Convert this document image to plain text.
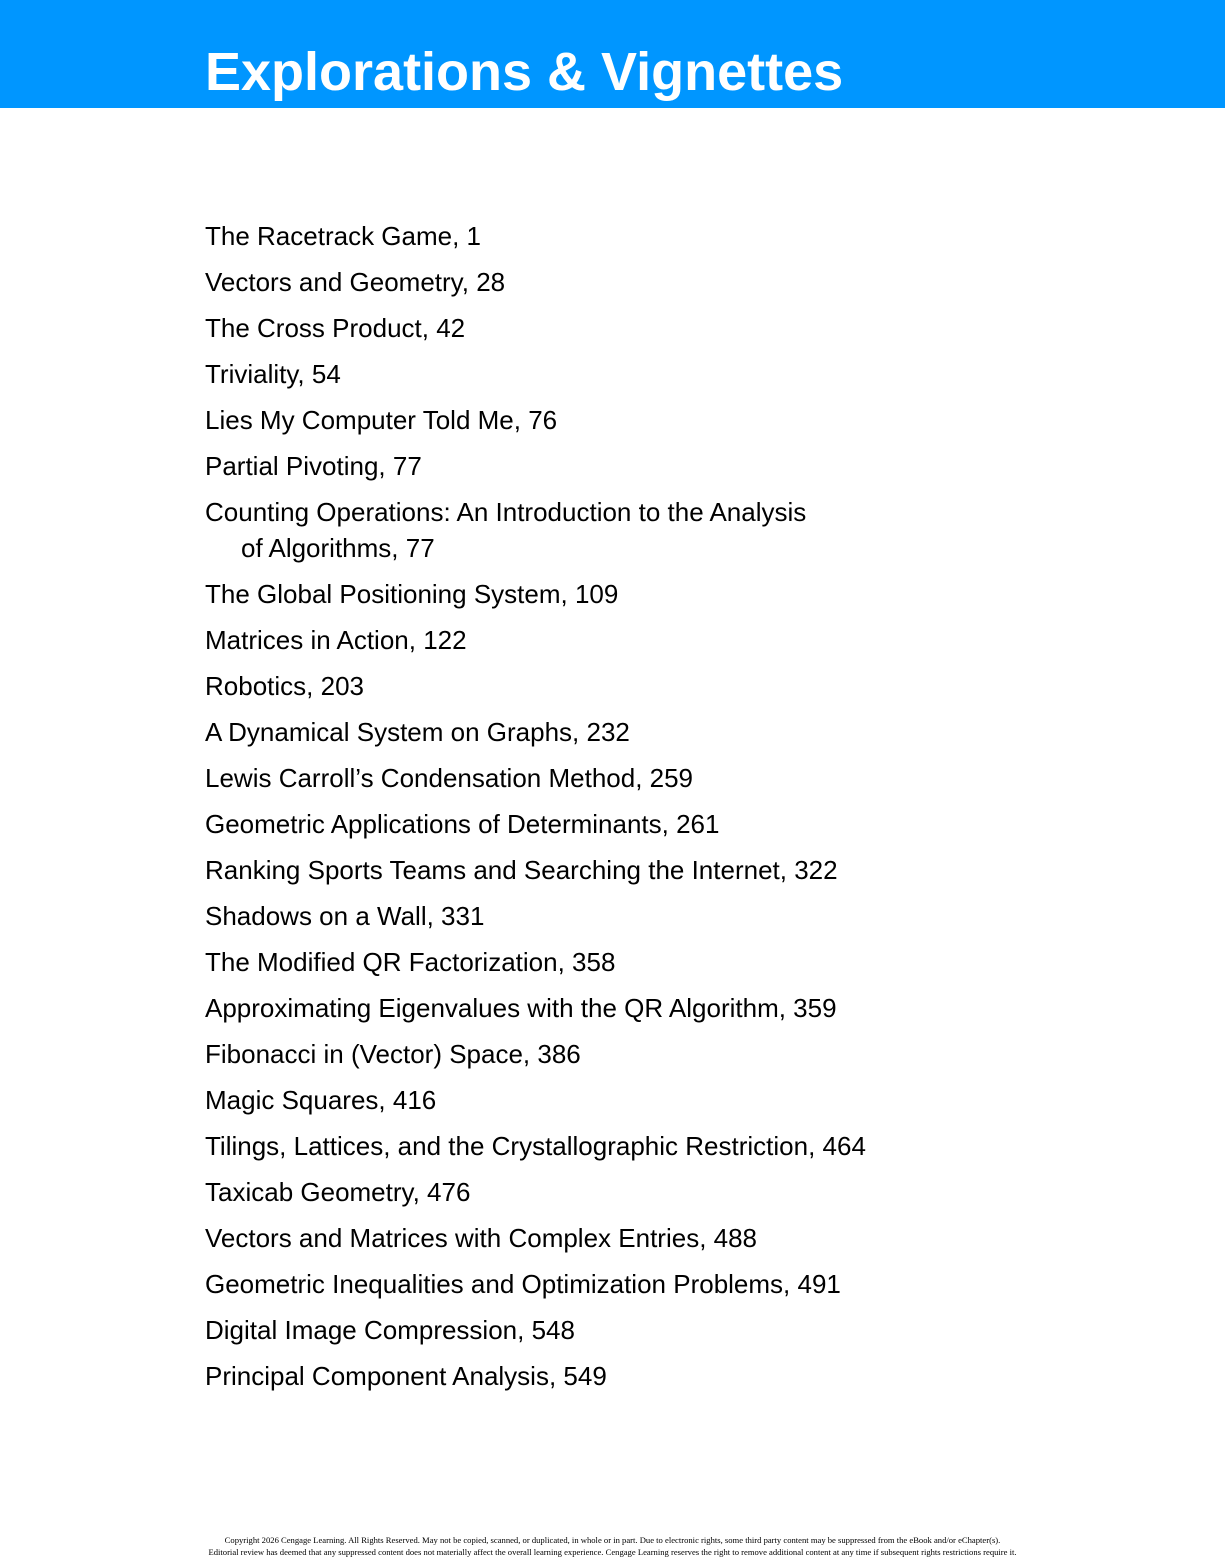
Explorations & Vignettes
The Racetrack Game, 1
Vectors and Geometry, 28
The Cross Product, 42
Triviality, 54
Lies My Computer Told Me, 76
Partial Pivoting, 77
Counting Operations: An Introduction to the Analysis
of Algorithms, 77
The Global Positioning System, 109
Matrices in Action, 122
Robotics, 203
A Dynamical System on Graphs, 232
Lewis Carroll’s Condensation Method, 259
Geometric Applications of Determinants, 261
Ranking Sports Teams and Searching the Internet, 322
Shadows on a Wall, 331
The Modified QR Factorization, 358
Approximating Eigenvalues with the QR Algorithm, 359
Fibonacci in (Vector) Space, 386
Magic Squares, 416
Tilings, Lattices, and the Crystallographic Restriction, 464
Taxicab Geometry, 476
Vectors and Matrices with Complex Entries, 488
Geometric Inequalities and Optimization Problems, 491
Digital Image Compression, 548
Principal Component Analysis, 549
Copyright 2026 Cengage Learning. All Rights Reserved. May not be copied, scanned, or duplicated, in whole or in part. Due to electronic rights, some third party content may be suppressed from the eBook and/or eChapter(s).
Editorial review has deemed that any suppressed content does not materially affect the overall learning experience. Cengage Learning reserves the right to remove additional content at any time if subsequent rights restrictions require it.
